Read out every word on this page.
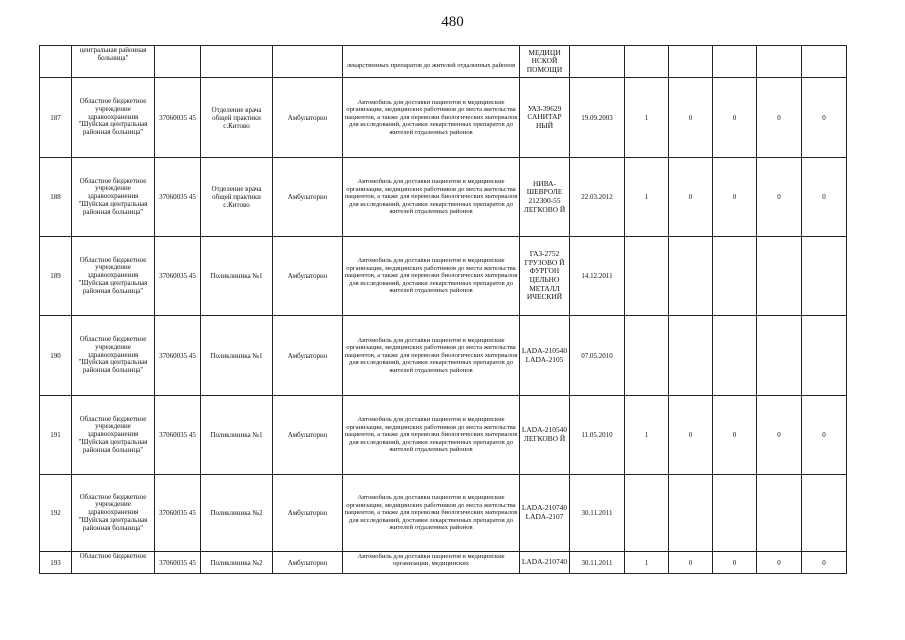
480

	центральная районная больница"				лекарственных препаратов до жителей отдаленных районов	МЕДИЦИ НСКОЙ ПОМОЩИ						

187	Областное бюджетное учреждение здравоохранения "Шуйская центральная районная больница"	37060035 45	Отделение врача общей практики с.Китово	Амбулаторно	Автомобиль для доставки пациентов в медицинские организации, медицинских работников до места жительства пациентов, а также для перевозки биологических материалов для исследований, доставки лекарственных препаратов до жителей отдаленных районов	УАЗ-39629 САНИТАР НЫЙ	19.09.2003	1	0	0	0	0
188	Областное бюджетное учреждение здравоохранения "Шуйская центральная районная больница"	37060035 45	Отделение врача общей практики с.Китово	Амбулаторно	Автомобиль для доставки пациентов в медицинские организации, медицинских работников до места жительства пациентов, а также для перевозки биологических материалов для исследований, доставки лекарственных препаратов до жителей отдаленных районов	НИВА-ШЕВРОЛЕ 212300-55 ЛЕГКОВО Й	22.03.2012	1	0	0	0	0
189	Областное бюджетное учреждение здравоохранения "Шуйская центральная районная больница"	37060035 45	Поликлиника №1	Амбулаторно	Автомобиль для доставки пациентов в медицинские организации, медицинских работников до места жительства пациентов, а также для перевозки биологических материалов для исследований, доставки лекарственных препаратов до жителей отдаленных районов	ГАЗ-2752 ГРУЗОВО Й ФУРГОН ЦЕЛЬНО МЕТАЛЛ ИЧЕСКИЙ	14.12.2011					
190	Областное бюджетное учреждение здравоохранения "Шуйская центральная районная больница"	37060035 45	Поликлиника №1	Амбулаторно	Автомобиль для доставки пациентов в медицинские организации, медицинских работников до места жительства пациентов, а также для перевозки биологических материалов для исследований, доставки лекарственных препаратов до жителей отдаленных районов	LADA-210540 LADA-2105	07.05.2010					
191	Областное бюджетное учреждение здравоохранения "Шуйская центральная районная больница"	37060035 45	Поликлиника №1	Амбулаторно	Автомобиль для доставки пациентов в медицинские организации, медицинских работников до места жительства пациентов, а также для перевозки биологических материалов для исследований, доставки лекарственных препаратов до жителей отдаленных районов	LADA-210540 ЛЕГКОВО Й	11.05.2010	1	0	0	0	0
192	Областное бюджетное учреждение здравоохранения "Шуйская центральная районная больница"	37060035 45	Поликлиника №2	Амбулаторно	Автомобиль для доставки пациентов в медицинские организации, медицинских работников до места жительства пациентов, а также для перевозки биологических материалов для исследований, доставки лекарственных препаратов до жителей отдаленных районов	LADA-210740 LADA-2107	30.11.2011					
193	Областное бюджетное	37060035 45	Поликлиника №2	Амбулаторно	Автомобиль для доставки пациентов в медицинские организации, медицинских	LADA-210740	30.11.2011	1	0	0	0	0
